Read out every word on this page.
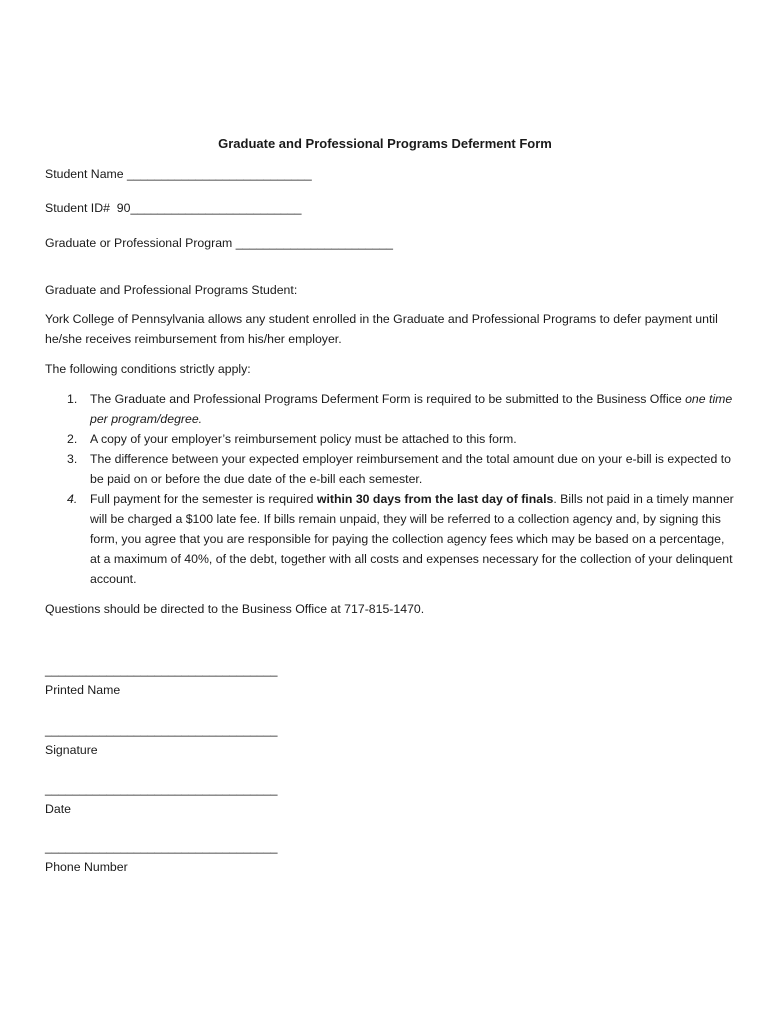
Graduate and Professional Programs Deferment Form
Student Name ___________________________
Student ID#  90_________________________
Graduate or Professional Program _______________________
Graduate and Professional Programs Student:
York College of Pennsylvania allows any student enrolled in the Graduate and Professional Programs to defer payment until he/she receives reimbursement from his/her employer.
The following conditions strictly apply:
1. The Graduate and Professional Programs Deferment Form is required to be submitted to the Business Office one time per program/degree.
2. A copy of your employer’s reimbursement policy must be attached to this form.
3. The difference between your expected employer reimbursement and the total amount due on your e-bill is expected to be paid on or before the due date of the e-bill each semester.
4. Full payment for the semester is required within 30 days from the last day of finals. Bills not paid in a timely manner will be charged a $100 late fee. If bills remain unpaid, they will be referred to a collection agency and, by signing this form, you agree that you are responsible for paying the collection agency fees which may be based on a percentage, at a maximum of 40%, of the debt, together with all costs and expenses necessary for the collection of your delinquent account.
Questions should be directed to the Business Office at 717-815-1470.
__________________________________
Printed Name
__________________________________
Signature
__________________________________
Date
__________________________________
Phone Number
